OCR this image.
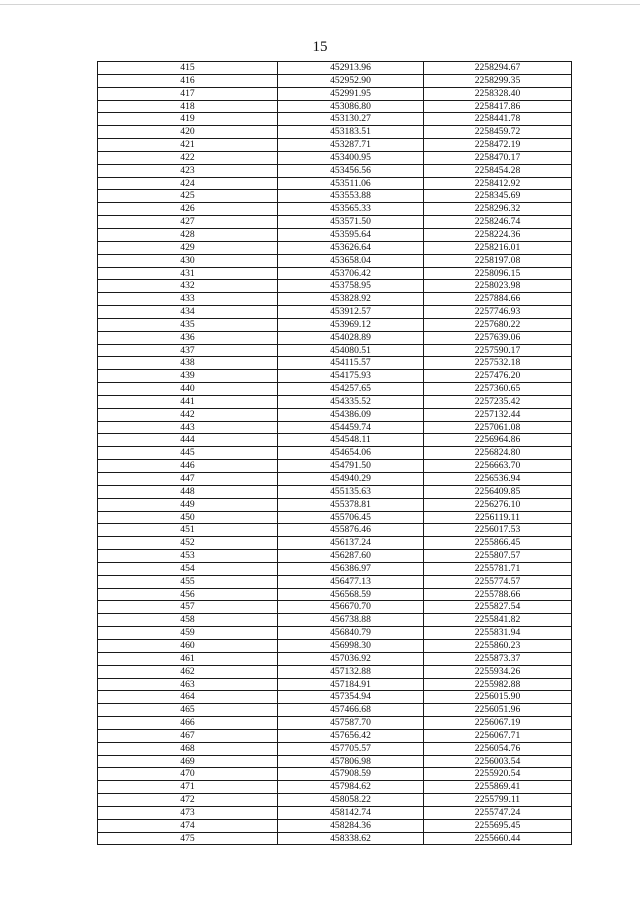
15
415	452913.96	2258294.67
416	452952.90	2258299.35
417	452991.95	2258328.40
418	453086.80	2258417.86
419	453130.27	2258441.78
420	453183.51	2258459.72
421	453287.71	2258472.19
422	453400.95	2258470.17
423	453456.56	2258454.28
424	453511.06	2258412.92
425	453553.88	2258345.69
426	453565.33	2258296.32
427	453571.50	2258246.74
428	453595.64	2258224.36
429	453626.64	2258216.01
430	453658.04	2258197.08
431	453706.42	2258096.15
432	453758.95	2258023.98
433	453828.92	2257884.66
434	453912.57	2257746.93
435	453969.12	2257680.22
436	454028.89	2257639.06
437	454080.51	2257590.17
438	454115.57	2257532.18
439	454175.93	2257476.20
440	454257.65	2257360.65
441	454335.52	2257235.42
442	454386.09	2257132.44
443	454459.74	2257061.08
444	454548.11	2256964.86
445	454654.06	2256824.80
446	454791.50	2256663.70
447	454940.29	2256536.94
448	455135.63	2256409.85
449	455378.81	2256276.10
450	455706.45	2256119.11
451	455876.46	2256017.53
452	456137.24	2255866.45
453	456287.60	2255807.57
454	456386.97	2255781.71
455	456477.13	2255774.57
456	456568.59	2255788.66
457	456670.70	2255827.54
458	456738.88	2255841.82
459	456840.79	2255831.94
460	456998.30	2255860.23
461	457036.92	2255873.37
462	457132.88	2255934.26
463	457184.91	2255982.88
464	457354.94	2256015.90
465	457466.68	2256051.96
466	457587.70	2256067.19
467	457656.42	2256067.71
468	457705.57	2256054.76
469	457806.98	2256003.54
470	457908.59	2255920.54
471	457984.62	2255869.41
472	458058.22	2255799.11
473	458142.74	2255747.24
474	458284.36	2255695.45
475	458338.62	2255660.44
